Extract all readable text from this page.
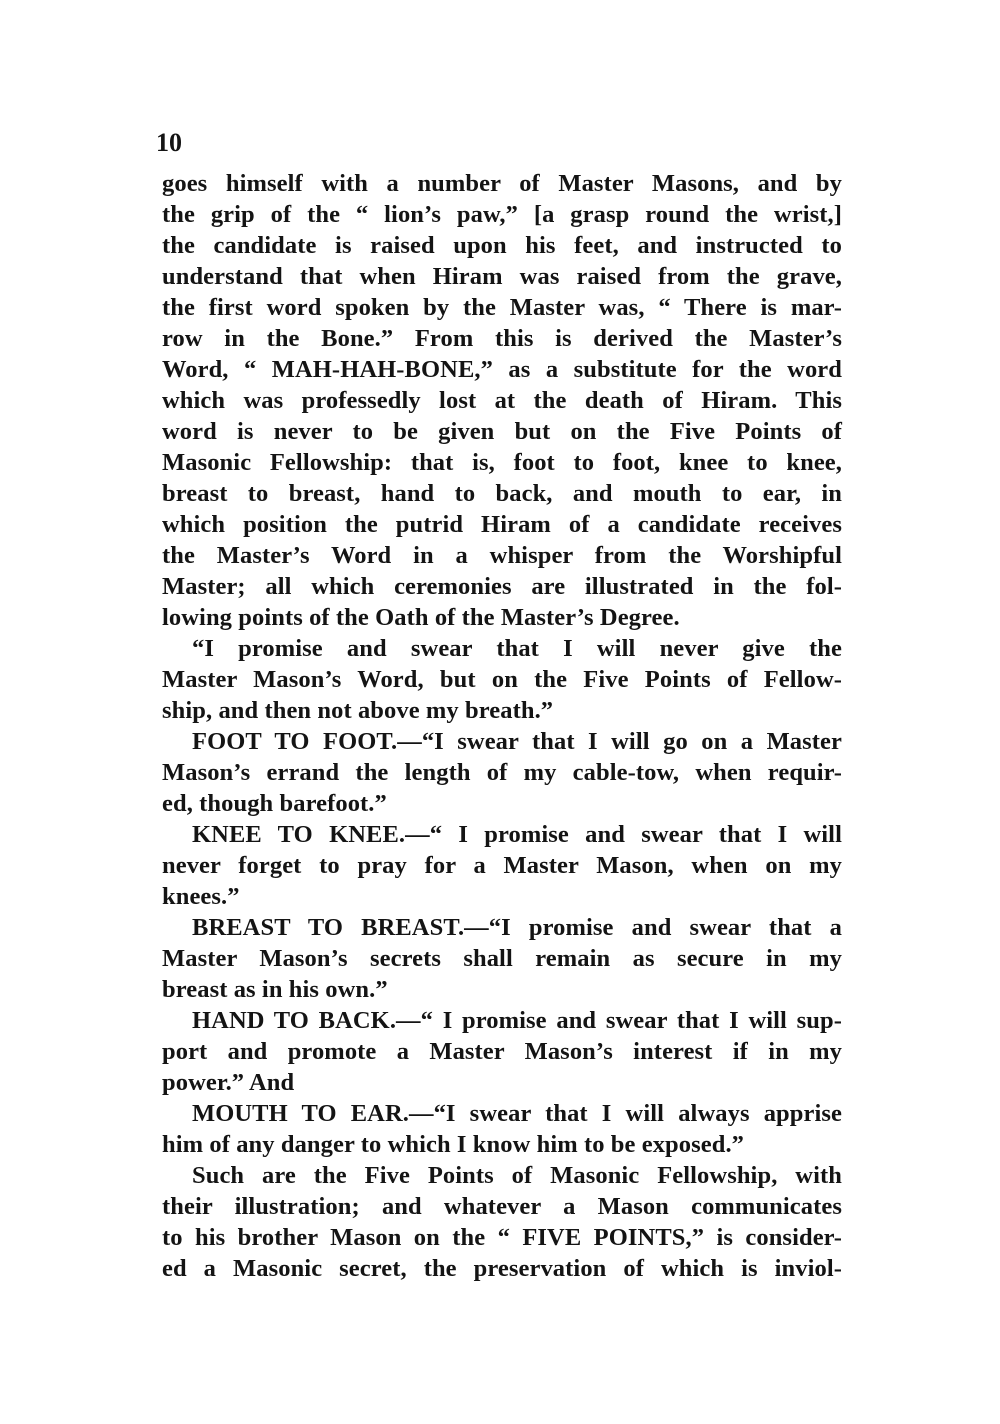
10
goes himself with a number of Master Masons, and by
the grip of the “ lion’s paw,” [a grasp round the wrist,]
the candidate is raised upon his feet, and instructed to
understand that when Hiram was raised from the grave,
the first word spoken by the Master was, “ There is mar-
row in the Bone.” From this is derived the Master’s
Word, “ MAH-HAH-BONE,” as a substitute for the word
which was professedly lost at the death of Hiram. This
word is never to be given but on the Five Points of
Masonic Fellowship: that is, foot to foot, knee to knee,
breast to breast, hand to back, and mouth to ear, in
which position the putrid Hiram of a candidate receives
the Master’s Word in a whisper from the Worshipful
Master; all which ceremonies are illustrated in the fol-
lowing points of the Oath of the Master’s Degree.
“I promise and swear that I will never give the
Master Mason’s Word, but on the Five Points of Fellow-
ship, and then not above my breath.”
FOOT TO FOOT.—“I swear that I will go on a Master
Mason’s errand the length of my cable-tow, when requir-
ed, though barefoot.”
KNEE TO KNEE.—“ I promise and swear that I will
never forget to pray for a Master Mason, when on my
knees.”
BREAST TO BREAST.—“I promise and swear that a
Master Mason’s secrets shall remain as secure in my
breast as in his own.”
HAND TO BACK.—“ I promise and swear that I will sup-
port and promote a Master Mason’s interest if in my
power.” And
MOUTH TO EAR.—“I swear that I will always apprise
him of any danger to which I know him to be exposed.”
Such are the Five Points of Masonic Fellowship, with
their illustration; and whatever a Mason communicates
to his brother Mason on the “ FIVE POINTS,” is consider-
ed a Masonic secret, the preservation of which is inviol-
